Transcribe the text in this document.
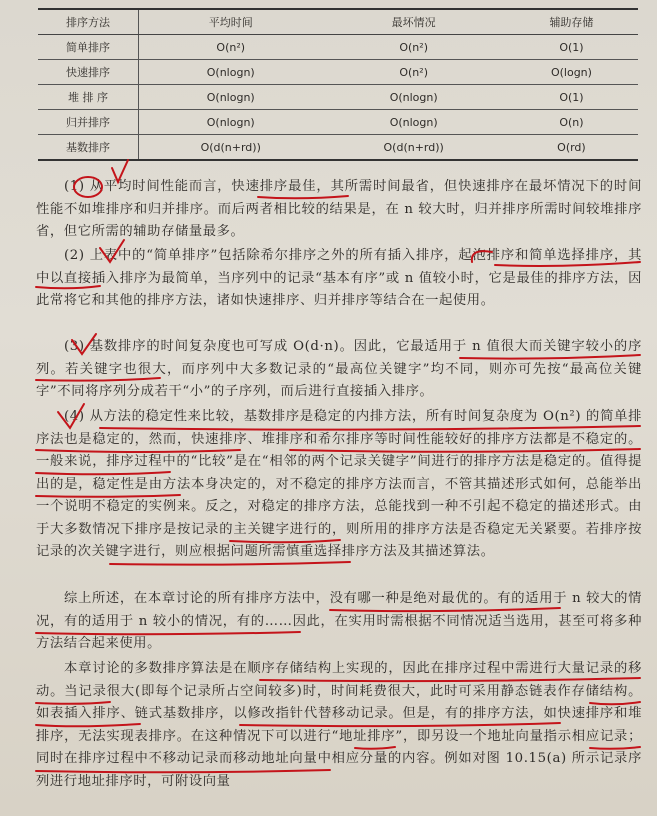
排序方法	平均时间	最坏情况	辅助存储
简单排序	O(n²)	O(n²)	O(1)
快速排序	O(nlogn)	O(n²)	O(logn)
堆 排 序	O(nlogn)	O(nlogn)	O(1)
归并排序	O(nlogn)	O(nlogn)	O(n)
基数排序	O(d(n+rd))	O(d(n+rd))	O(rd)

(1) 从平均时间性能而言，快速排序最佳，其所需时间最省，但快速排序在最坏情况下的时间性能不如堆排序和归并排序。而后两者相比较的结果是，在 n 较大时，归并排序所需时间较堆排序省，但它所需的辅助存储量最多。

(2) 上表中的“简单排序”包括除希尔排序之外的所有插入排序，起泡排序和简单选择排序，其中以直接插入排序为最简单，当序列中的记录“基本有序”或 n 值较小时，它是最佳的排序方法，因此常将它和其他的排序方法，诸如快速排序、归并排序等结合在一起使用。

(3) 基数排序的时间复杂度也可写成 O(d·n)。因此，它最适用于 n 值很大而关键字较小的序列。若关键字也很大，而序列中大多数记录的“最高位关键字”均不同，则亦可先按“最高位关键字”不同将序列分成若干“小”的子序列，而后进行直接插入排序。

(4) 从方法的稳定性来比较，基数排序是稳定的内排方法，所有时间复杂度为 O(n²) 的简单排序法也是稳定的，然而，快速排序、堆排序和希尔排序等时间性能较好的排序方法都是不稳定的。一般来说，排序过程中的“比较”是在“相邻的两个记录关键字”间进行的排序方法是稳定的。值得提出的是，稳定性是由方法本身决定的，对不稳定的排序方法而言，不管其描述形式如何，总能举出一个说明不稳定的实例来。反之，对稳定的排序方法，总能找到一种不引起不稳定的描述形式。由于大多数情况下排序是按记录的主关键字进行的，则所用的排序方法是否稳定无关紧要。若排序按记录的次关键字进行，则应根据问题所需慎重选择排序方法及其描述算法。

综上所述，在本章讨论的所有排序方法中，没有哪一种是绝对最优的。有的适用于 n 较大的情况，有的适用于 n 较小的情况，有的……因此，在实用时需根据不同情况适当选用，甚至可将多种方法结合起来使用。

本章讨论的多数排序算法是在顺序存储结构上实现的，因此在排序过程中需进行大量记录的移动。当记录很大(即每个记录所占空间较多)时，时间耗费很大，此时可采用静态链表作存储结构。如表插入排序、链式基数排序，以修改指针代替移动记录。但是，有的排序方法，如快速排序和堆排序，无法实现表排序。在这种情况下可以进行“地址排序”，即另设一个地址向量指示相应记录；同时在排序过程中不移动记录而移动地址向量中相应分量的内容。例如对图 10.15(a) 所示记录序列进行地址排序时，可附设向量
